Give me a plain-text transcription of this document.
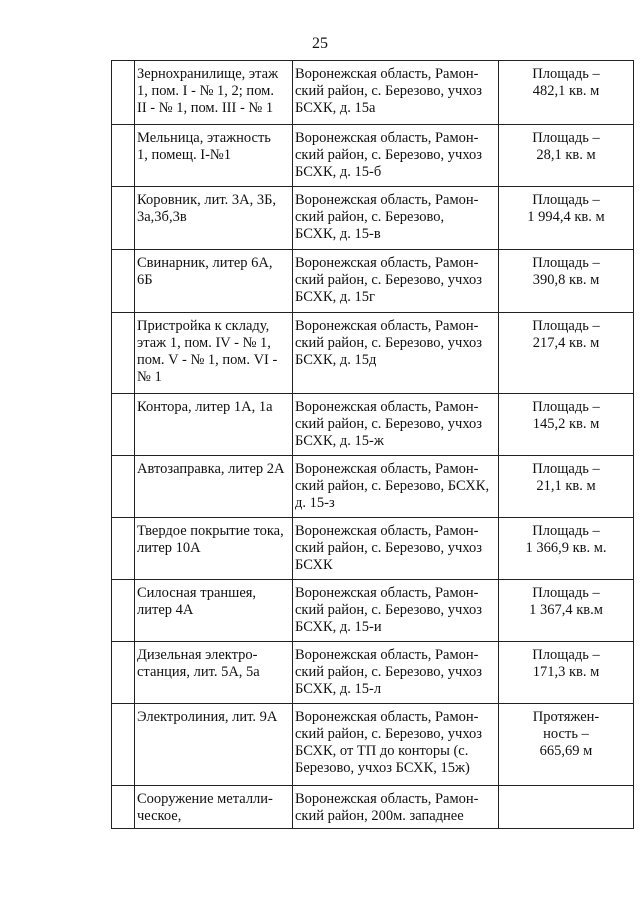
25

	Зернохранилище, этаж
1, пом. I - № 1, 2; пом.
II - № 1, пом. III - № 1	Воронежская область, Рамон-
ский район, с. Березово, учхоз
БСХК, д. 15а	Площадь –
482,1 кв. м

	Мельница, этажность
1, помещ. I-№1	Воронежская область, Рамон-
ский район, с. Березово, учхоз
БСХК, д. 15-б	Площадь –
28,1 кв. м

	Коровник, лит. 3А, 3Б,
3а,3б,3в	Воронежская область, Рамон-
ский район, с. Березово,
БСХК, д. 15-в	Площадь –
1 994,4 кв. м

	Свинарник, литер 6А,
6Б	Воронежская область, Рамон-
ский район, с. Березово, учхоз
БСХК, д. 15г	Площадь –
390,8 кв. м

	Пристройка к складу,
этаж 1, пом. IV - № 1,
пом. V - № 1, пом. VI -
№ 1	Воронежская область, Рамон-
ский район, с. Березово, учхоз
БСХК, д. 15д	Площадь –
217,4 кв. м

	Контора, литер 1А, 1а	Воронежская область, Рамон-
ский район, с. Березово, учхоз
БСХК, д. 15-ж	Площадь –
145,2 кв. м

	Автозаправка, литер 2А	Воронежская область, Рамон-
ский район, с. Березово, БСХК,
д. 15-з	Площадь –
21,1 кв. м

	Твердое покрытие тока,
литер 10А	Воронежская область, Рамон-
ский район, с. Березово, учхоз
БСХК	Площадь –
1 366,9 кв. м.

	Силосная траншея,
литер 4А	Воронежская область, Рамон-
ский район, с. Березово, учхоз
БСХК, д. 15-и	Площадь –
1 367,4 кв.м

	Дизельная электро-
станция, лит. 5А, 5а	Воронежская область, Рамон-
ский район, с. Березово, учхоз
БСХК, д. 15-л	Площадь –
171,3 кв. м

	Электролиния, лит. 9А	Воронежская область, Рамон-
ский район, с. Березово, учхоз
БСХК, от ТП до конторы (с.
Березово, учхоз БСХК, 15ж)	Протяжен-
ность –
665,69 м

	Сооружение металли-
ческое,	Воронежская область, Рамон-
ский район, 200м. западнее	
